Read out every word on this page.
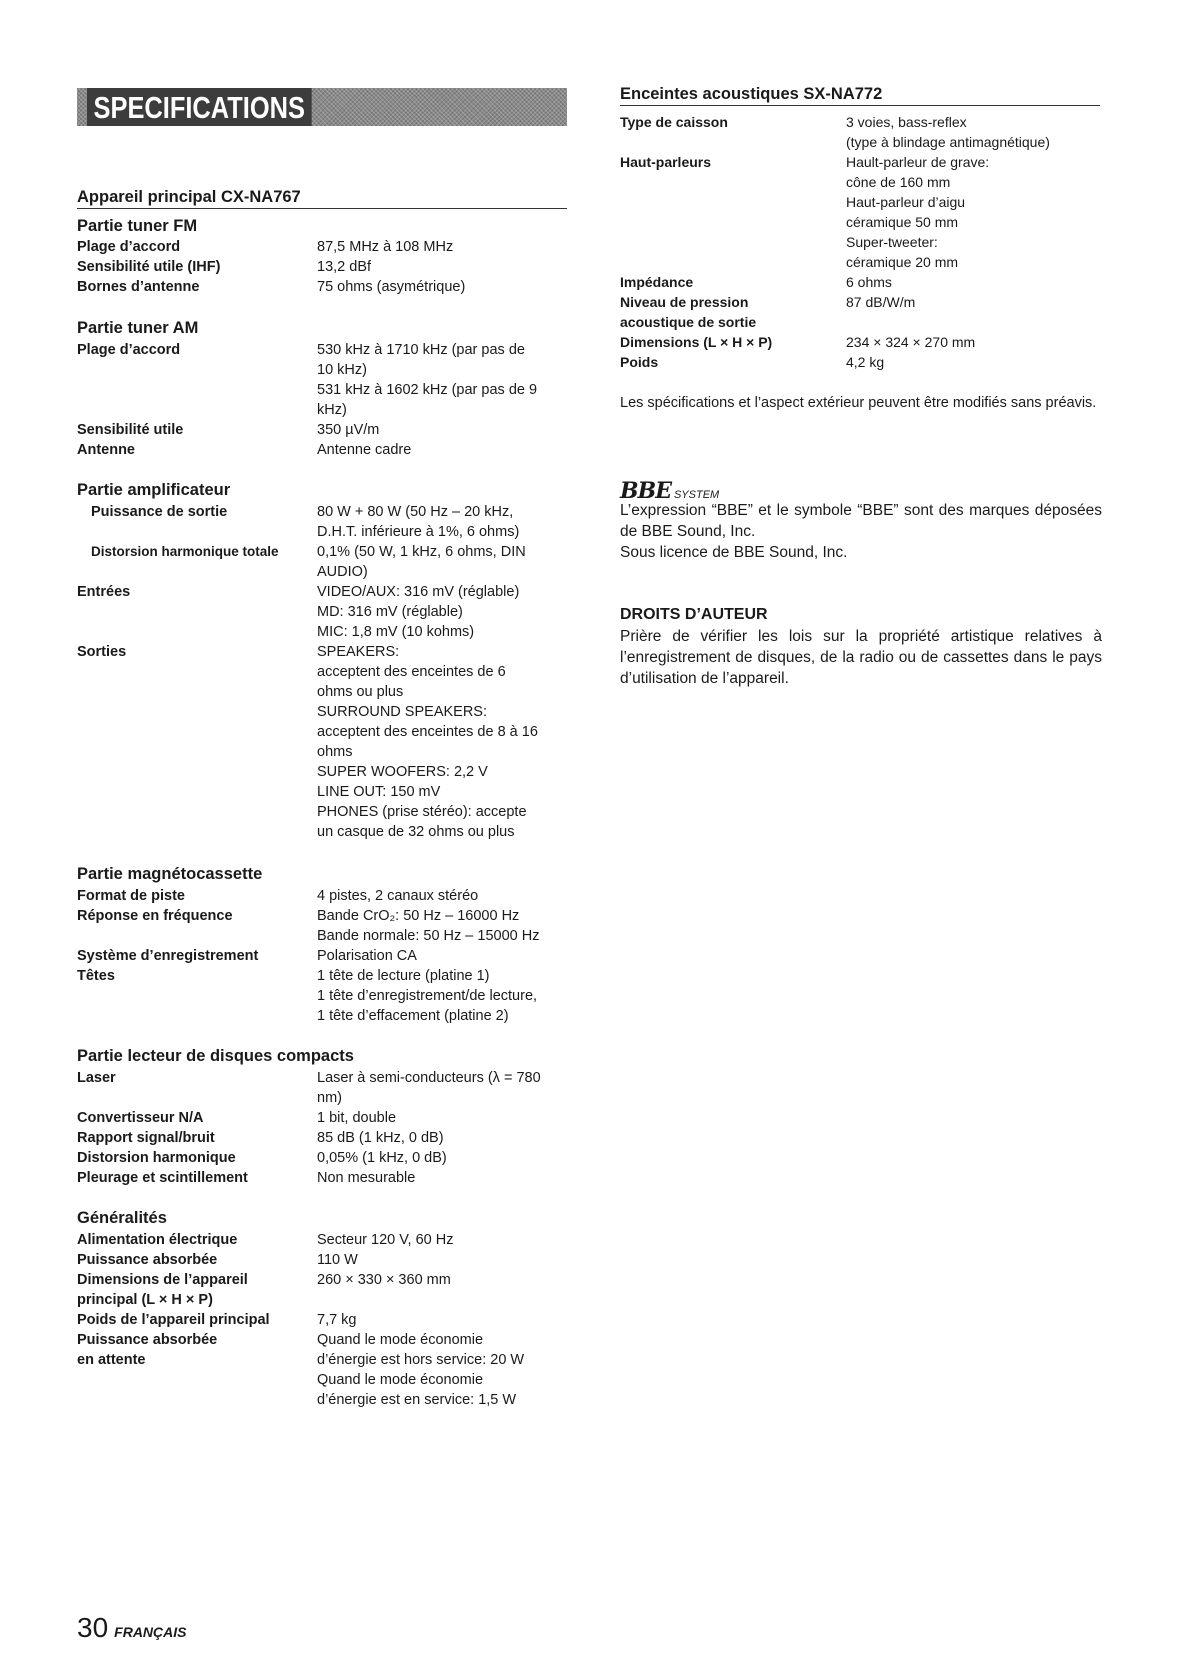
SPECIFICATIONS
Appareil principal CX-NA767
Partie tuner FM
Plage d’accord	87,5 MHz à 108 MHz
Sensibilité utile (IHF)	13,2 dBf
Bornes d’antenne	75 ohms (asymétrique)
Partie tuner AM
Plage d’accord	530 kHz à 1710 kHz (par pas de
10 kHz)
531 kHz à 1602 kHz (par pas de 9
kHz)
Sensibilité utile	350 µV/m
Antenne	Antenne cadre
Partie amplificateur
Puissance de sortie	80 W + 80 W (50 Hz – 20 kHz,
D.H.T. inférieure à 1%, 6 ohms)
Distorsion harmonique totale	0,1% (50 W, 1 kHz, 6 ohms, DIN
AUDIO)
Entrées	VIDEO/AUX: 316 mV (réglable)
MD: 316 mV (réglable)
MIC: 1,8 mV (10 kohms)
Sorties	SPEAKERS:
acceptent des enceintes de 6
ohms ou plus
SURROUND SPEAKERS:
acceptent des enceintes de 8 à 16
ohms
SUPER WOOFERS: 2,2 V
LINE OUT: 150 mV
PHONES (prise stéréo): accepte
un casque de 32 ohms ou plus
Partie magnétocassette
Format de piste	4 pistes, 2 canaux stéréo
Réponse en fréquence	Bande CrO₂: 50 Hz – 16000 Hz
Bande normale: 50 Hz – 15000 Hz
Système d’enregistrement	Polarisation CA
Têtes	1 tête de lecture (platine 1)
1 tête d’enregistrement/de lecture,
1 tête d’effacement (platine 2)
Partie lecteur de disques compacts
Laser	Laser à semi-conducteurs (λ = 780
nm)
Convertisseur N/A	1 bit, double
Rapport signal/bruit	85 dB (1 kHz, 0 dB)
Distorsion harmonique	0,05% (1 kHz, 0 dB)
Pleurage et scintillement	Non mesurable
Généralités
Alimentation électrique	Secteur 120 V, 60 Hz
Puissance absorbée	110 W
Dimensions de l’appareil	260 × 330 × 360 mm
principal (L × H × P)
Poids de l’appareil principal	7,7 kg
Puissance absorbée	Quand le mode économie
en attente	d’énergie est hors service: 20 W
Quand le mode économie
d’énergie est en service: 1,5 W
Enceintes acoustiques SX-NA772
Type de caisson	3 voies, bass-reflex
(type à blindage antimagnétique)
Haut-parleurs	Hault-parleur de grave:
cône de 160 mm
Haut-parleur d’aigu
céramique 50 mm
Super-tweeter:
céramique 20 mm
Impédance	6 ohms
Niveau de pression	87 dB/W/m
acoustique de sortie
Dimensions (L × H × P)	234 × 324 × 270 mm
Poids	4,2 kg
Les spécifications et l’aspect extérieur peuvent être modifiés sans préavis.
BBE SYSTEM
L’expression “BBE” et le symbole “BBE” sont des marques déposées de BBE Sound, Inc.
Sous licence de BBE Sound, Inc.
DROITS D’AUTEUR
Prière de vérifier les lois sur la propriété artistique relatives à l’enregistrement de disques, de la radio ou de cassettes dans le pays d’utilisation de l’appareil.
30 FRANÇAIS
